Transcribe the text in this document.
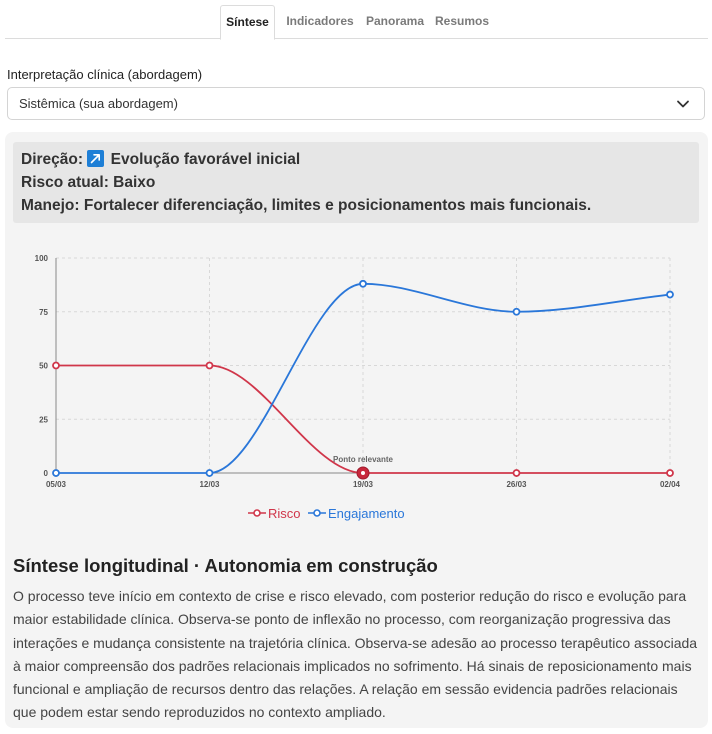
Síntese	Indicadores	Panorama Resumos
Interpretação clínica (abordagem)
Sistêmica (sua abordagem)
Direção: Evolução favorável inicial
Risco atual: Baixo
Manejo: Fortalecer diferenciação, limites e posicionamentos mais funcionais.
0
25
50
75
100
05/03	12/03	19/03	26/03	02/04
Ponto relevante
Risco	Engajamento
Síntese longitudinal · Autonomia em construção
O processo teve início em contexto de crise e risco elevado, com posterior redução do risco e evolução para maior estabilidade clínica. Observa-se ponto de inflexão no processo, com reorganização progressiva das interações e mudança consistente na trajetória clínica. Observa-se adesão ao processo terapêutico associada à maior compreensão dos padrões relacionais implicados no sofrimento. Há sinais de reposicionamento mais funcional e ampliação de recursos dentro das relações. A relação em sessão evidencia padrões relacionais que podem estar sendo reproduzidos no contexto ampliado.
